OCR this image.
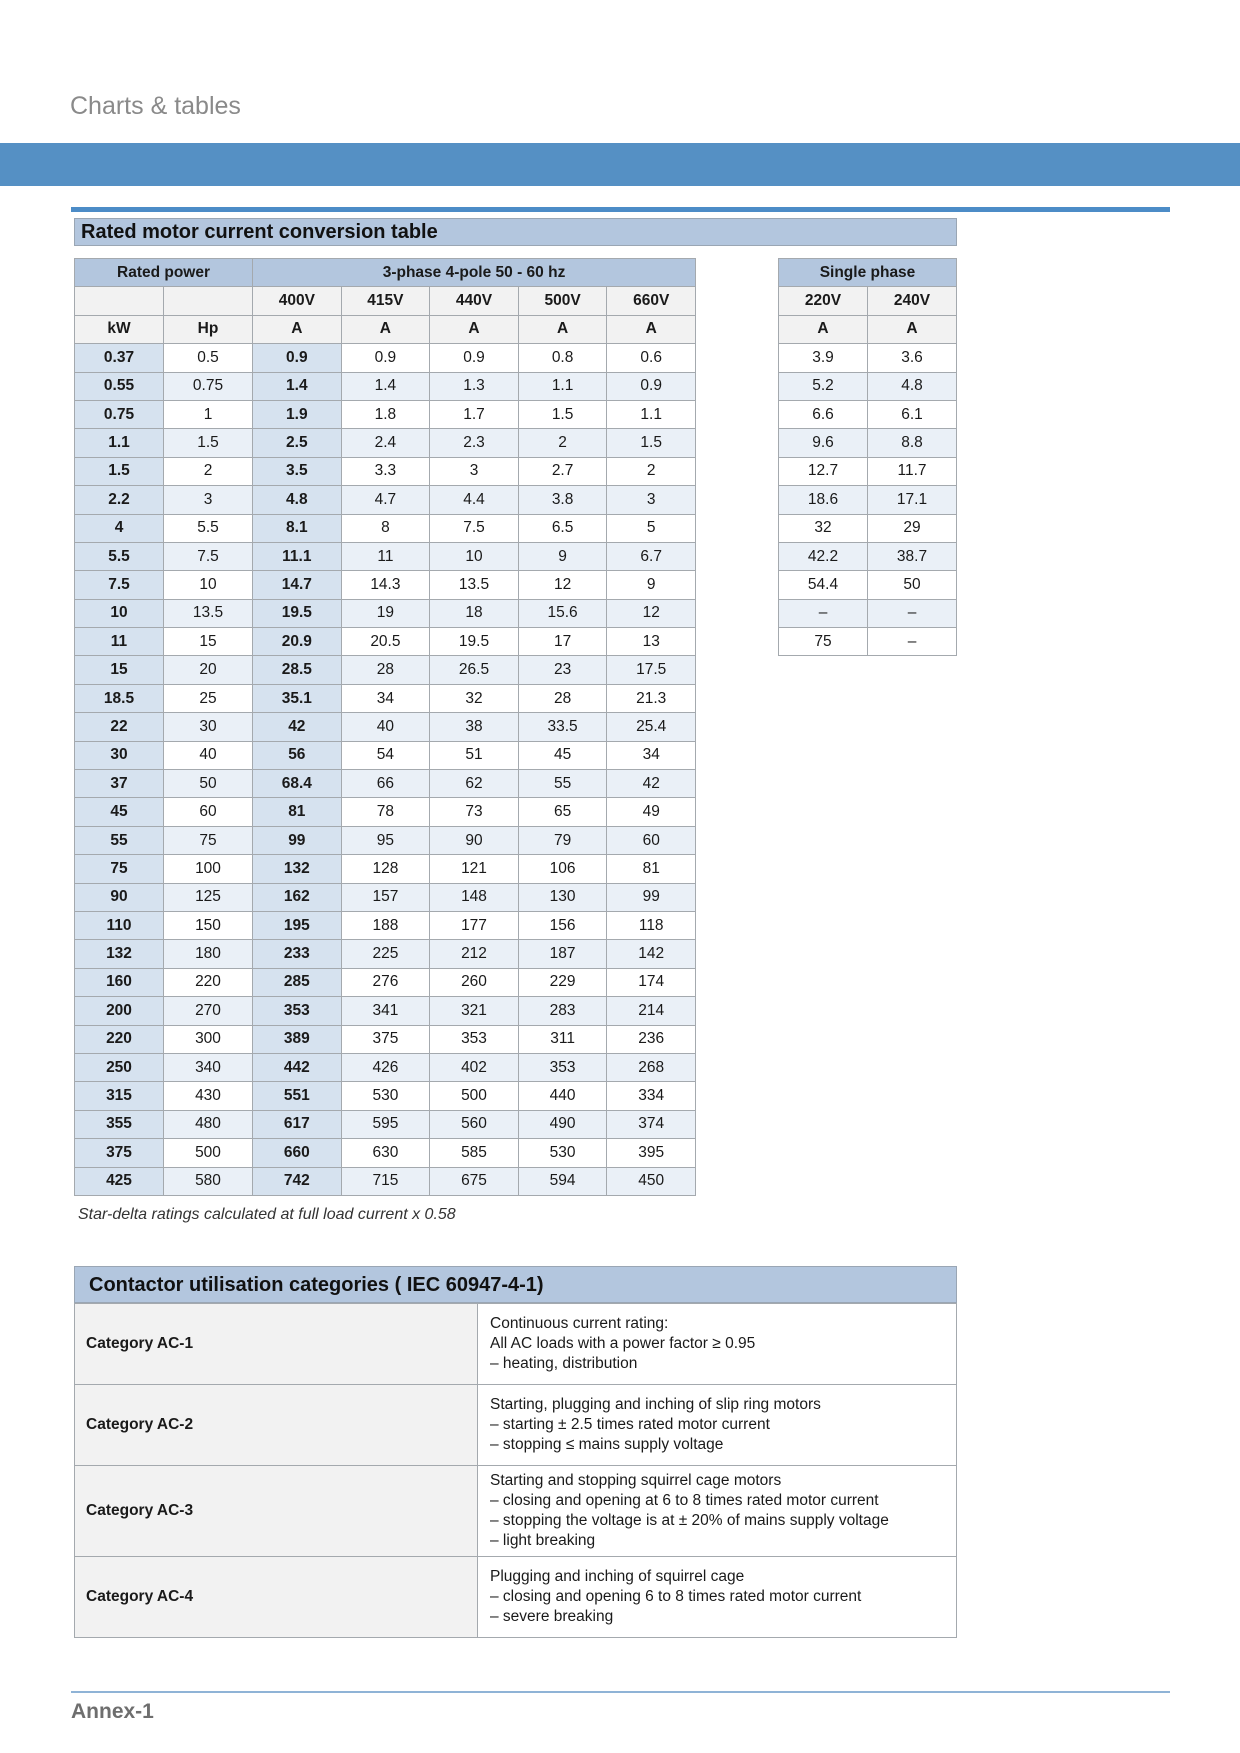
Charts & tables
Rated motor current conversion table
Rated power		3-phase 4-pole 50 - 60 hz				
		400V	415V	440V	500V	660V
kW	Hp	A	A	A	A	A
0.37	0.5	0.9	0.9	0.9	0.8	0.6
0.55	0.75	1.4	1.4	1.3	1.1	0.9
0.75	1	1.9	1.8	1.7	1.5	1.1
1.1	1.5	2.5	2.4	2.3	2	1.5
1.5	2	3.5	3.3	3	2.7	2
2.2	3	4.8	4.7	4.4	3.8	3
4	5.5	8.1	8	7.5	6.5	5
5.5	7.5	11.1	11	10	9	6.7
7.5	10	14.7	14.3	13.5	12	9
10	13.5	19.5	19	18	15.6	12
11	15	20.9	20.5	19.5	17	13
15	20	28.5	28	26.5	23	17.5
18.5	25	35.1	34	32	28	21.3
22	30	42	40	38	33.5	25.4
30	40	56	54	51	45	34
37	50	68.4	66	62	55	42
45	60	81	78	73	65	49
55	75	99	95	90	79	60
75	100	132	128	121	106	81
90	125	162	157	148	130	99
110	150	195	188	177	156	118
132	180	233	225	212	187	142
160	220	285	276	260	229	174
200	270	353	341	321	283	214
220	300	389	375	353	311	236
250	340	442	426	402	353	268
315	430	551	530	500	440	334
355	480	617	595	560	490	374
375	500	660	630	585	530	395
425	580	742	715	675	594	450
Single phase	
220V	240V
A	A
3.9	3.6
5.2	4.8
6.6	6.1
9.6	8.8
12.7	11.7
18.6	17.1
32	29
42.2	38.7
54.4	50
–	–
75	–
Star-delta ratings calculated at full load current x 0.58
Contactor utilisation categories ( IEC 60947-4-1)
Category AC-1	Continuous current rating:
All AC loads with a power factor ≥ 0.95
– heating, distribution

Category AC-2	Starting, plugging and inching of slip ring motors
– starting ± 2.5 times rated motor current
– stopping ≤ mains supply voltage

Category AC-3	Starting and stopping squirrel cage motors
– closing and opening at 6 to 8 times rated motor current
– stopping the voltage is at ± 20% of mains supply voltage
– light breaking

Category AC-4	Plugging and inching of squirrel cage
– closing and opening 6 to 8 times rated motor current
– severe breaking
Annex-1
